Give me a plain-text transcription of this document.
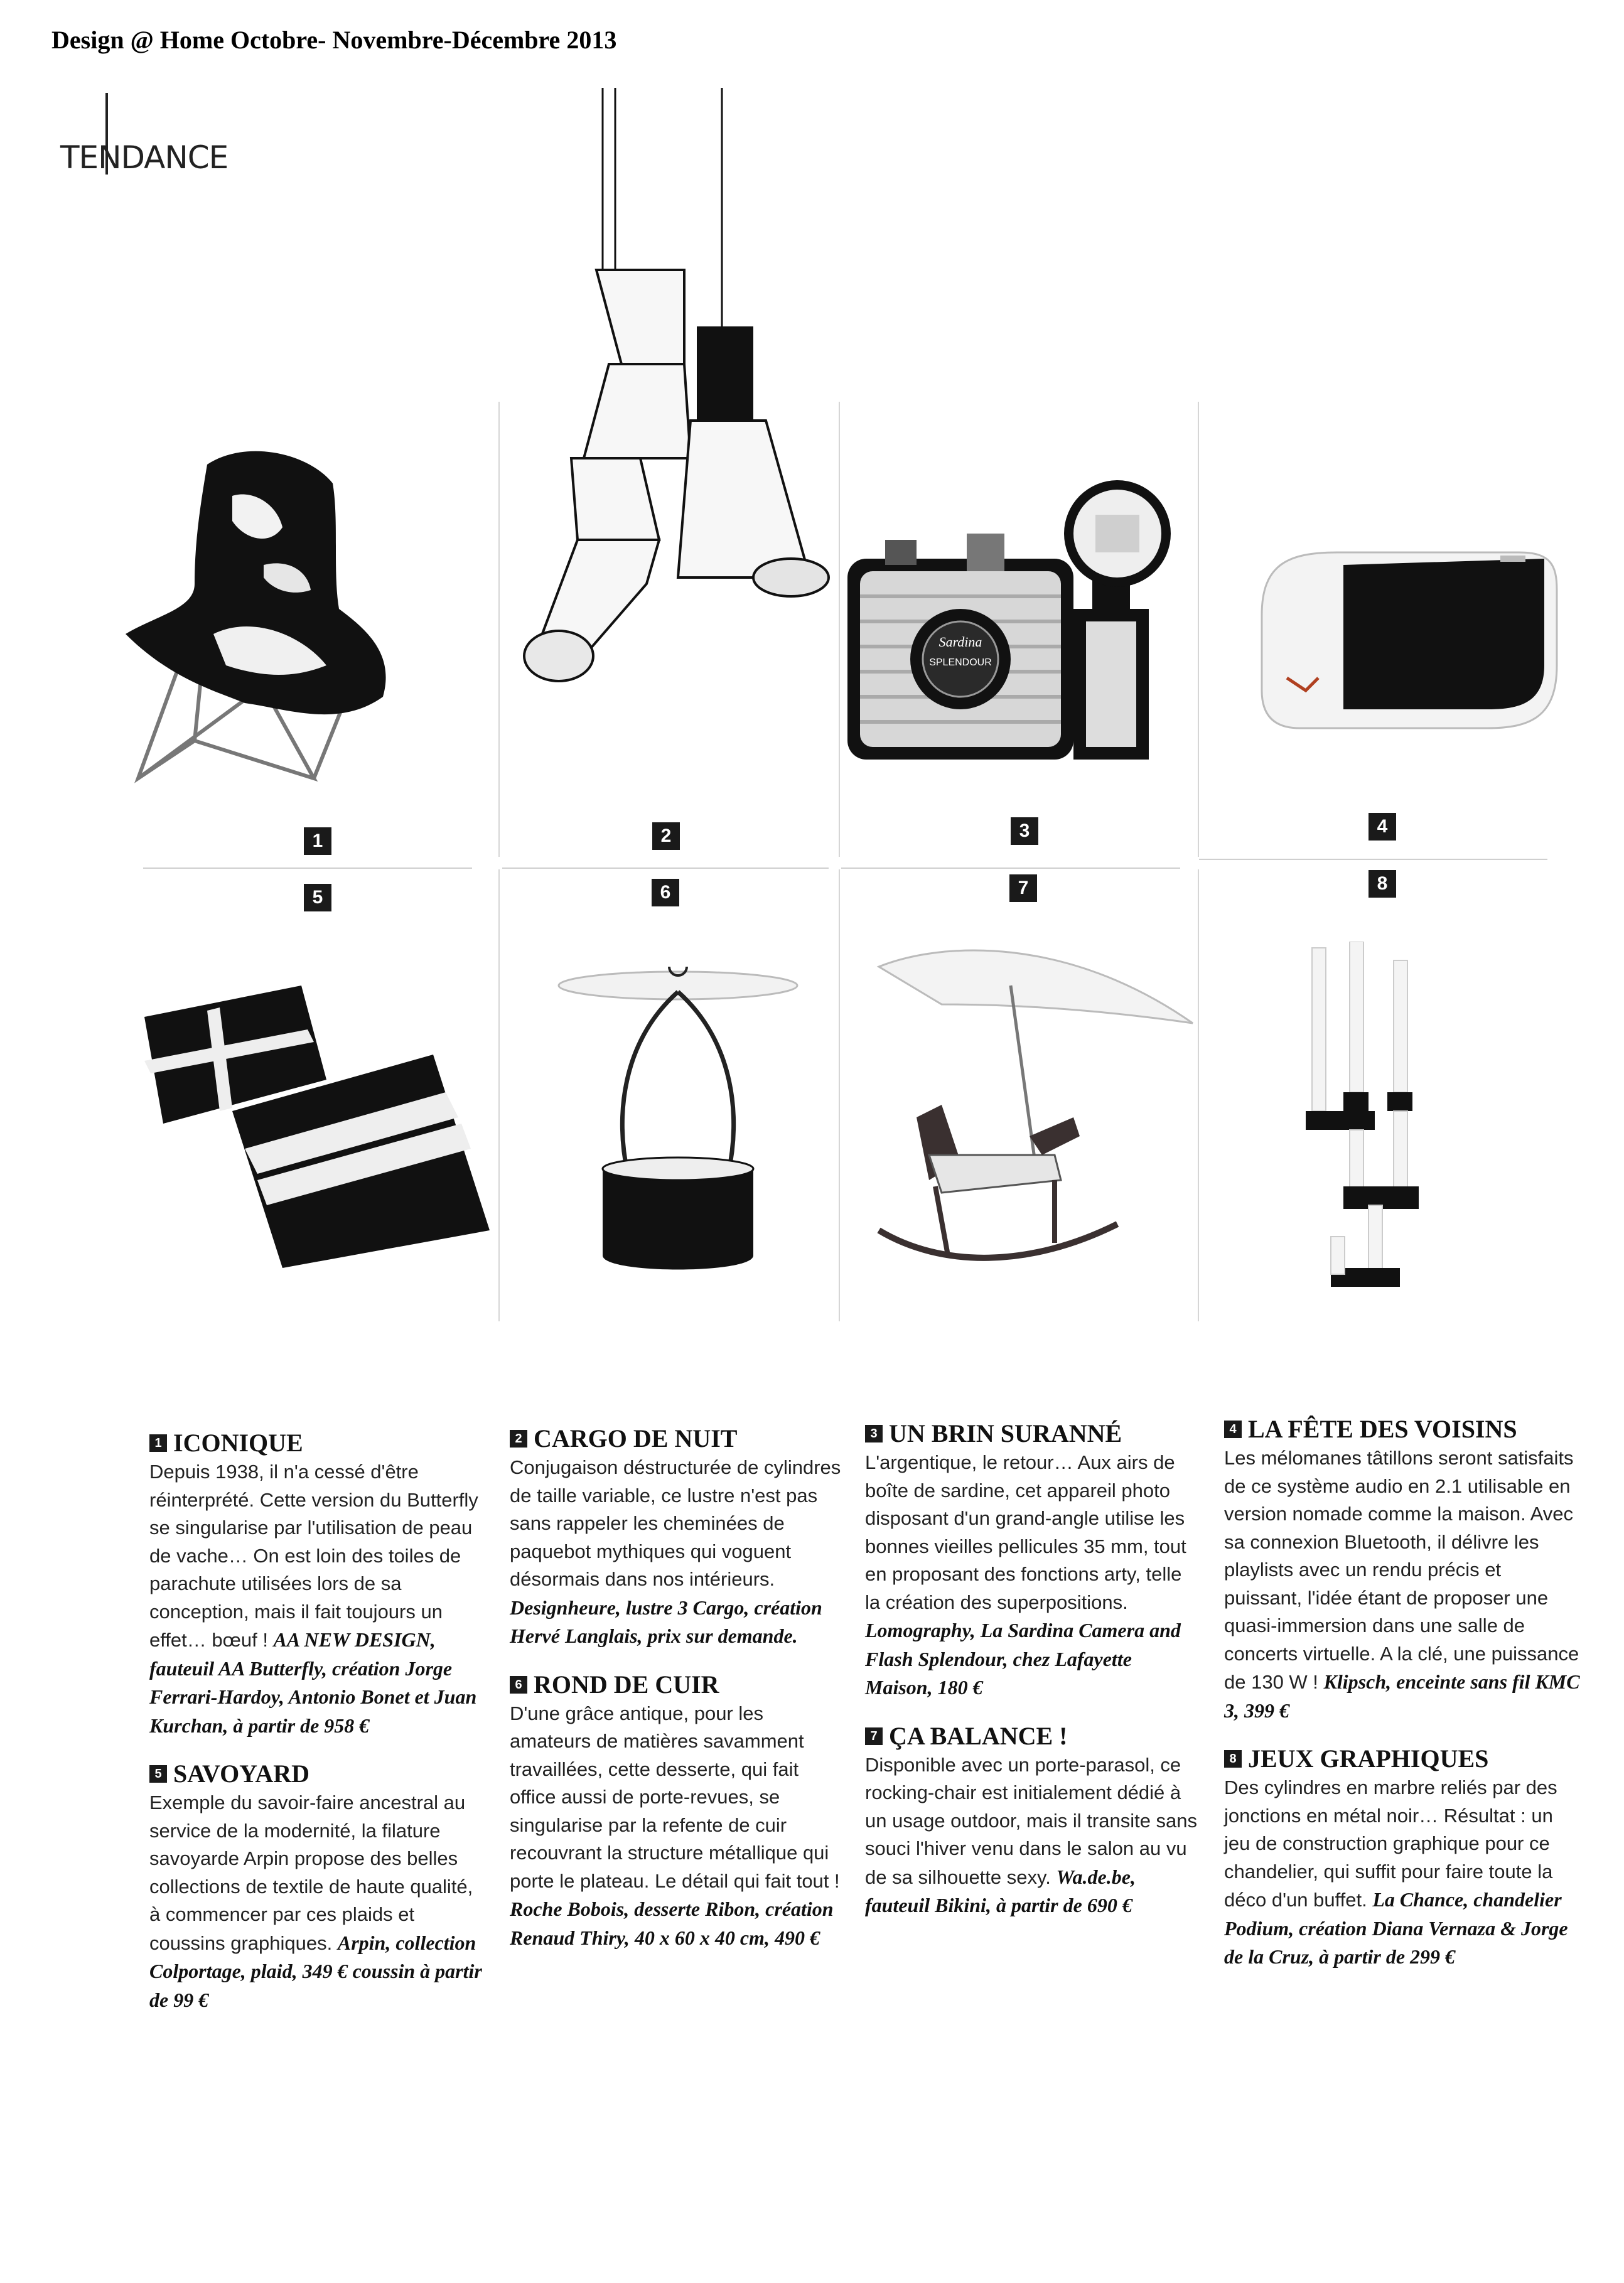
Design @ Home Octobre- Novembre-Décembre 2013
TENDANCE
1	2	3	4
5	6	7	8
Sardina
SPLENDOUR

1 ICONIQUE

Depuis 1938, il n'a cessé d'être réinterprété. Cette version du Butterfly se singularise par l'utilisation de peau de vache… On est loin des toiles de parachute utilisées lors de sa conception, mais il fait toujours un effet… bœuf ! AA NEW DESIGN, fauteuil AA Butterfly, création Jorge Ferrari-Hardoy, Antonio Bonet et Juan Kurchan, à partir de 958 €

5 SAVOYARD

Exemple du savoir-faire ancestral au service de la modernité, la filature savoyarde Arpin propose des belles collections de textile de haute qualité, à commencer par ces plaids et coussins graphiques. Arpin, collection Colportage, plaid, 349 € coussin à partir de 99 €

2 CARGO DE NUIT

Conjugaison déstructurée de cylindres de taille variable, ce lustre n'est pas sans rappeler les cheminées de paquebot mythiques qui voguent désormais dans nos intérieurs. Designheure, lustre 3 Cargo, création Hervé Langlais, prix sur demande.

6 ROND DE CUIR

D'une grâce antique, pour les amateurs de matières savamment travaillées, cette desserte, qui fait office aussi de porte-revues, se singularise par la refente de cuir recouvrant la structure métallique qui porte le plateau. Le détail qui fait tout ! Roche Bobois, desserte Ribon, création Renaud Thiry, 40 x 60 x 40 cm, 490 €

3 UN BRIN SURANNÉ

L'argentique, le retour… Aux airs de boîte de sardine, cet appareil photo disposant d'un grand-angle utilise les bonnes vieilles pellicules 35 mm, tout en proposant des fonctions arty, telle la création des superpositions. Lomography, La Sardina Camera and Flash Splendour, chez Lafayette Maison, 180 €

7 ÇA BALANCE !

Disponible avec un porte-parasol, ce rocking-chair est initialement dédié à un usage outdoor, mais il transite sans souci l'hiver venu dans le salon au vu de sa silhouette sexy. Wa.de.be, fauteuil Bikini, à partir de 690 €

4 LA FÊTE DES VOISINS

Les mélomanes tâtillons seront satisfaits de ce système audio en 2.1 utilisable en version nomade comme la maison. Avec sa connexion Bluetooth, il délivre les playlists avec un rendu précis et puissant, l'idée étant de proposer une quasi-immersion dans une salle de concerts virtuelle. A la clé, une puissance de 130 W ! Klipsch, enceinte sans fil KMC 3, 399 €

8 JEUX GRAPHIQUES

Des cylindres en marbre reliés par des jonctions en métal noir… Résultat : un jeu de construction graphique pour ce chandelier, qui suffit pour faire toute la déco d'un buffet. La Chance, chandelier Podium, création Diana Vernaza & Jorge de la Cruz, à partir de 299 €
